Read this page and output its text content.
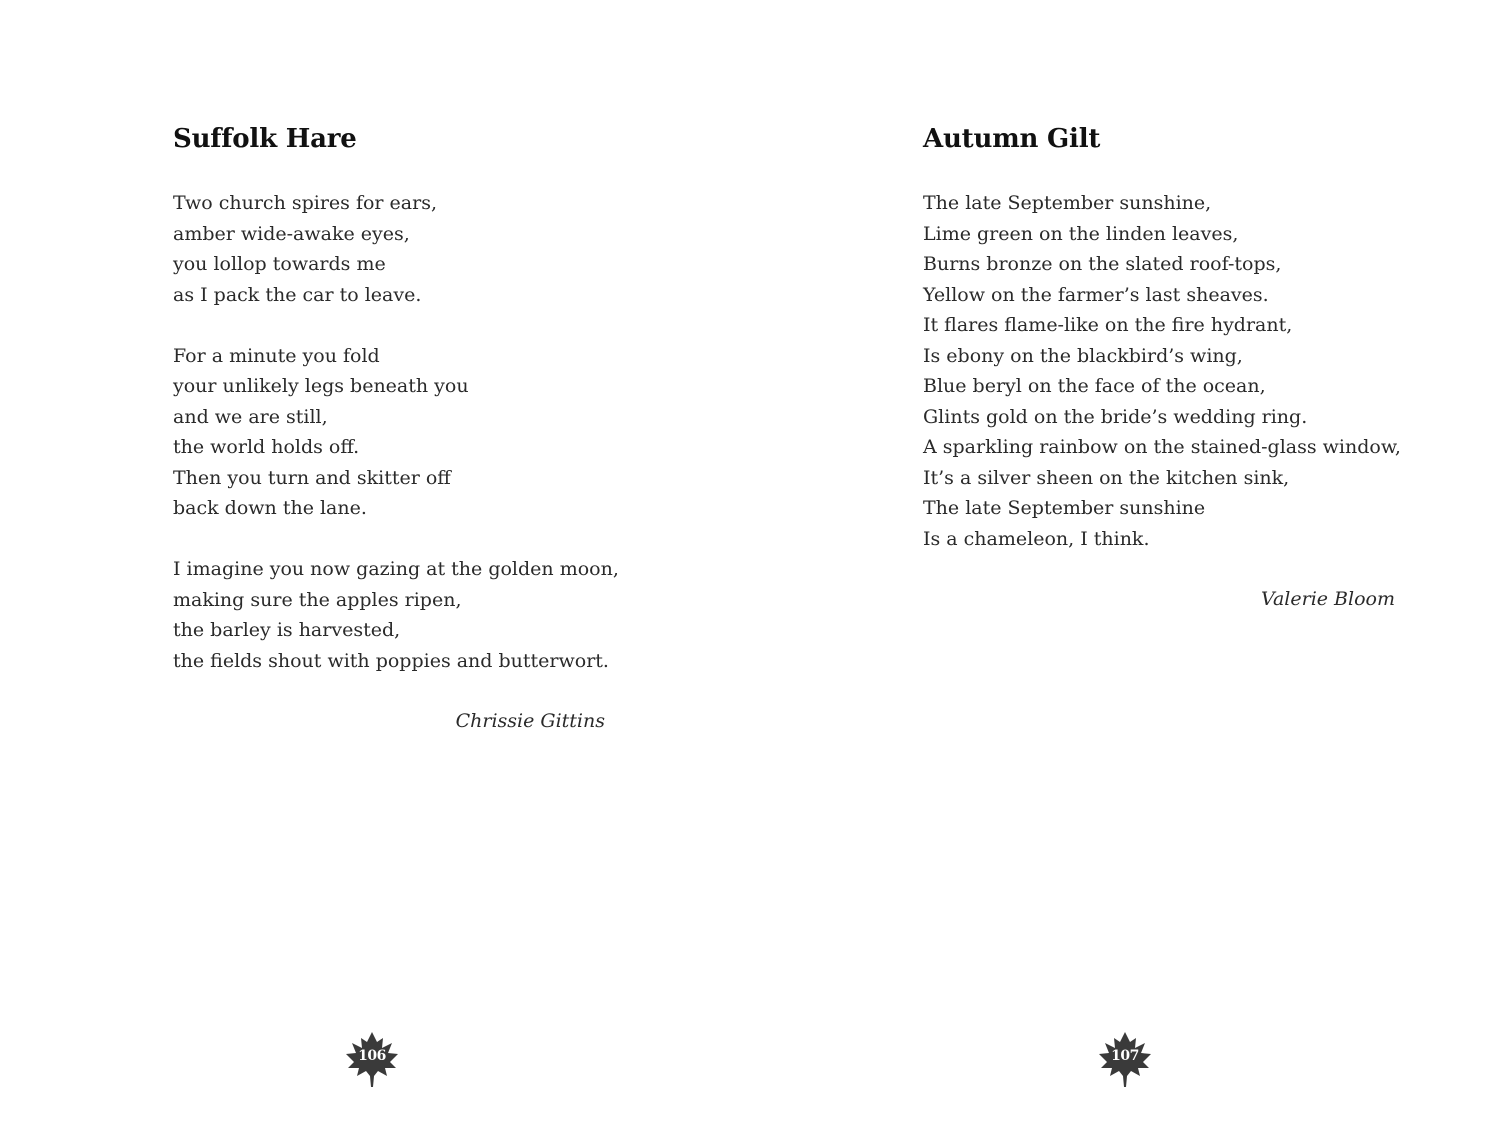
Suffolk Hare

Two church spires for ears,
amber wide-awake eyes,
you lollop towards me
as I pack the car to leave.

For a minute you fold
your unlikely legs beneath you
and we are still,
the world holds off.
Then you turn and skitter off
back down the lane.

I imagine you now gazing at the golden moon,
making sure the apples ripen,
the barley is harvested,
the fields shout with poppies and butterwort.

Chrissie Gittins

106
Autumn Gilt

The late September sunshine,
Lime green on the linden leaves,
Burns bronze on the slated roof-tops,
Yellow on the farmer’s last sheaves.
It flares flame-like on the fire hydrant,
Is ebony on the blackbird’s wing,
Blue beryl on the face of the ocean,
Glints gold on the bride’s wedding ring.
A sparkling rainbow on the stained-glass window,
It’s a silver sheen on the kitchen sink,
The late September sunshine
Is a chameleon, I think.

Valerie Bloom

107
